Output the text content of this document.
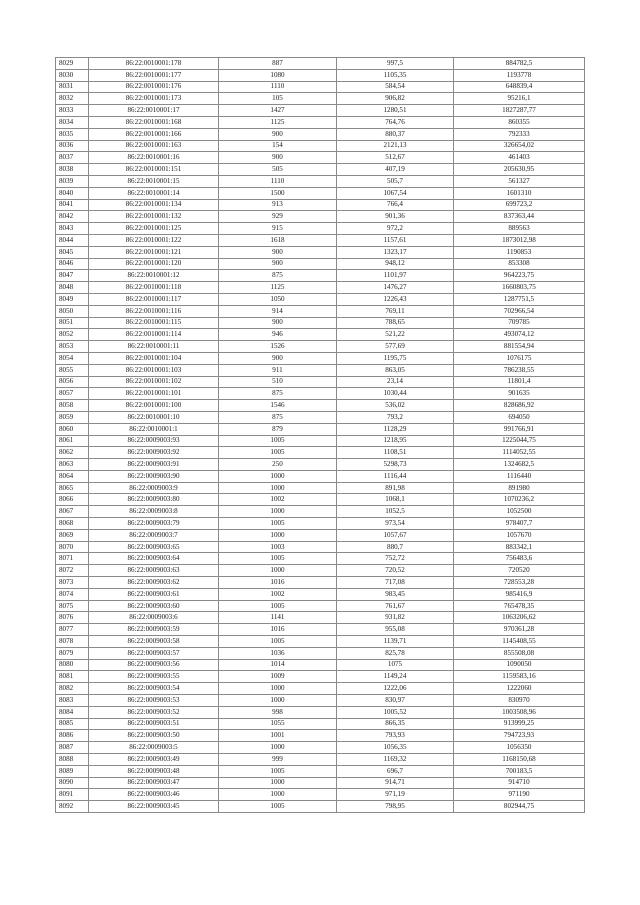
8029	86:22:0010001:178	887	997,5	884782,5
8030	86:22:0010001:177	1080	1105,35	1193778
8031	86:22:0010001:176	1110	584,54	648839,4
8032	86:22:0010001:173	105	906,82	95216,1
8033	86:22:0010001:17	1427	1280,51	1827287,77
8034	86:22:0010001:168	1125	764,76	860355
8035	86:22:0010001:166	900	880,37	792333
8036	86:22:0010001:163	154	2121,13	326654,02
8037	86:22:0010001:16	900	512,67	461403
8038	86:22:0010001:151	505	407,19	205630,95
8039	86:22:0010001:15	1110	505,7	561327
8040	86:22:0010001:14	1500	1067,54	1601310
8041	86:22:0010001:134	913	766,4	699723,2
8042	86:22:0010001:132	929	901,36	837363,44
8043	86:22:0010001:125	915	972,2	889563
8044	86:22:0010001:122	1618	1157,61	1873012,98
8045	86:22:0010001:121	900	1323,17	1190853
8046	86:22:0010001:120	900	948,12	853308
8047	86:22:0010001:12	875	1101,97	964223,75
8048	86:22:0010001:118	1125	1476,27	1660803,75
8049	86:22:0010001:117	1050	1226,43	1287751,5
8050	86:22:0010001:116	914	769,11	702966,54
8051	86:22:0010001:115	900	788,65	709785
8052	86:22:0010001:114	946	521,22	493074,12
8053	86:22:0010001:11	1526	577,69	881554,94
8054	86:22:0010001:104	900	1195,75	1076175
8055	86:22:0010001:103	911	863,05	786238,55
8056	86:22:0010001:102	510	23,14	11801,4
8057	86:22:0010001:101	875	1030,44	901635
8058	86:22:0010001:100	1546	536,02	828686,92
8059	86:22:0010001:10	875	793,2	694050
8060	86:22:0010001:1	879	1128,29	991766,91
8061	86:22:0009003:93	1005	1218,95	1225044,75
8062	86:22:0009003:92	1005	1108,51	1114052,55
8063	86:22:0009003:91	250	5298,73	1324682,5
8064	86:22:0009003:90	1000	1116,44	1116440
8065	86:22:0009003:9	1000	891,98	891980
8066	86:22:0009003:80	1002	1068,1	1070236,2
8067	86:22:0009003:8	1000	1052,5	1052500
8068	86:22:0009003:79	1005	973,54	978407,7
8069	86:22:0009003:7	1000	1057,67	1057670
8070	86:22:0009003:65	1003	880,7	883342,1
8071	86:22:0009003:64	1005	752,72	756483,6
8072	86:22:0009003:63	1000	720,52	720520
8073	86:22:0009003:62	1016	717,08	728553,28
8074	86:22:0009003:61	1002	983,45	985416,9
8075	86:22:0009003:60	1005	761,67	765478,35
8076	86:22:0009003:6	1141	931,82	1063206,62
8077	86:22:0009003:59	1016	955,08	970361,28
8078	86:22:0009003:58	1005	1139,71	1145408,55
8079	86:22:0009003:57	1036	825,78	855508,08
8080	86:22:0009003:56	1014	1075	1090050
8081	86:22:0009003:55	1009	1149,24	1159583,16
8082	86:22:0009003:54	1000	1222,06	1222060
8083	86:22:0009003:53	1000	830,97	830970
8084	86:22:0009003:52	998	1005,52	1003508,96
8085	86:22:0009003:51	1055	866,35	913999,25
8086	86:22:0009003:50	1001	793,93	794723,93
8087	86:22:0009003:5	1000	1056,35	1056350
8088	86:22:0009003:49	999	1169,32	1168150,68
8089	86:22:0009003:48	1005	696,7	700183,5
8090	86:22:0009003:47	1000	914,71	914710
8091	86:22:0009003:46	1000	971,19	971190
8092	86:22:0009003:45	1005	798,95	802944,75
